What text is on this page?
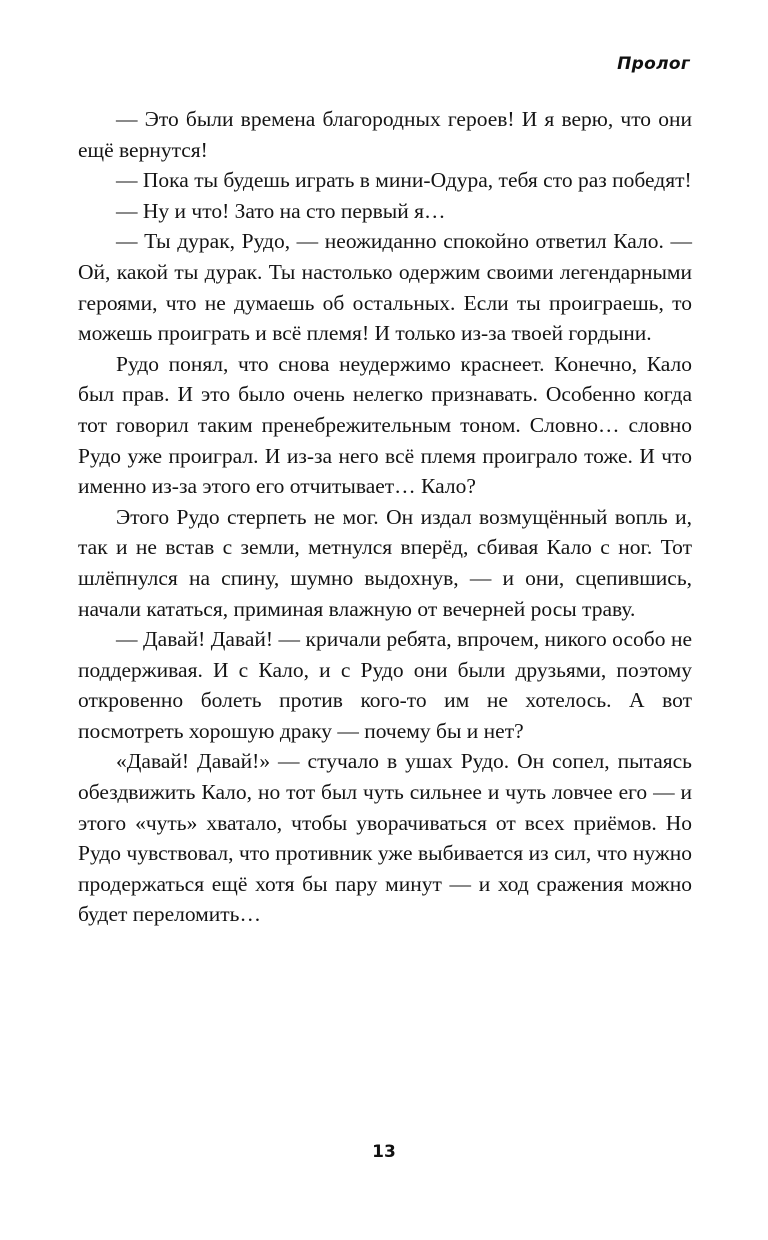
Пролог

— Это были времена благородных героев! И я верю, что они ещё вернутся!

— Пока ты будешь играть в мини-Одура, тебя сто раз победят!

— Ну и что! Зато на сто первый я…

— Ты дурак, Рудо, — неожиданно спокойно ответил Кало. — Ой, какой ты дурак. Ты настолько одержим своими легендарными героями, что не думаешь об остальных. Если ты проиграешь, то можешь проиграть и всё племя! И только из-за твоей гордыни.

Рудо понял, что снова неудержимо краснеет. Конечно, Кало был прав. И это было очень нелегко признавать. Особенно когда тот говорил таким пренебрежительным тоном. Словно… словно Рудо уже проиграл. И из-за него всё племя проиграло тоже. И что именно из-за этого его отчитывает… Кало?

Этого Рудо стерпеть не мог. Он издал возмущённый вопль и, так и не встав с земли, метнулся вперёд, сбивая Кало с ног. Тот шлёпнулся на спину, шумно выдохнув, — и они, сцепившись, начали кататься, приминая влажную от вечерней росы траву.

— Давай! Давай! — кричали ребята, впрочем, никого особо не поддерживая. И с Кало, и с Рудо они были друзьями, поэтому откровенно болеть против кого-то им не хотелось. А вот посмотреть хорошую драку — почему бы и нет?

«Давай! Давай!» — стучало в ушах Рудо. Он сопел, пытаясь обездвижить Кало, но тот был чуть сильнее и чуть ловчее его — и этого «чуть» хватало, чтобы уворачиваться от всех приёмов. Но Рудо чувствовал, что противник уже выбивается из сил, что нужно продержаться ещё хотя бы пару минут — и ход сражения можно будет переломить…

13
